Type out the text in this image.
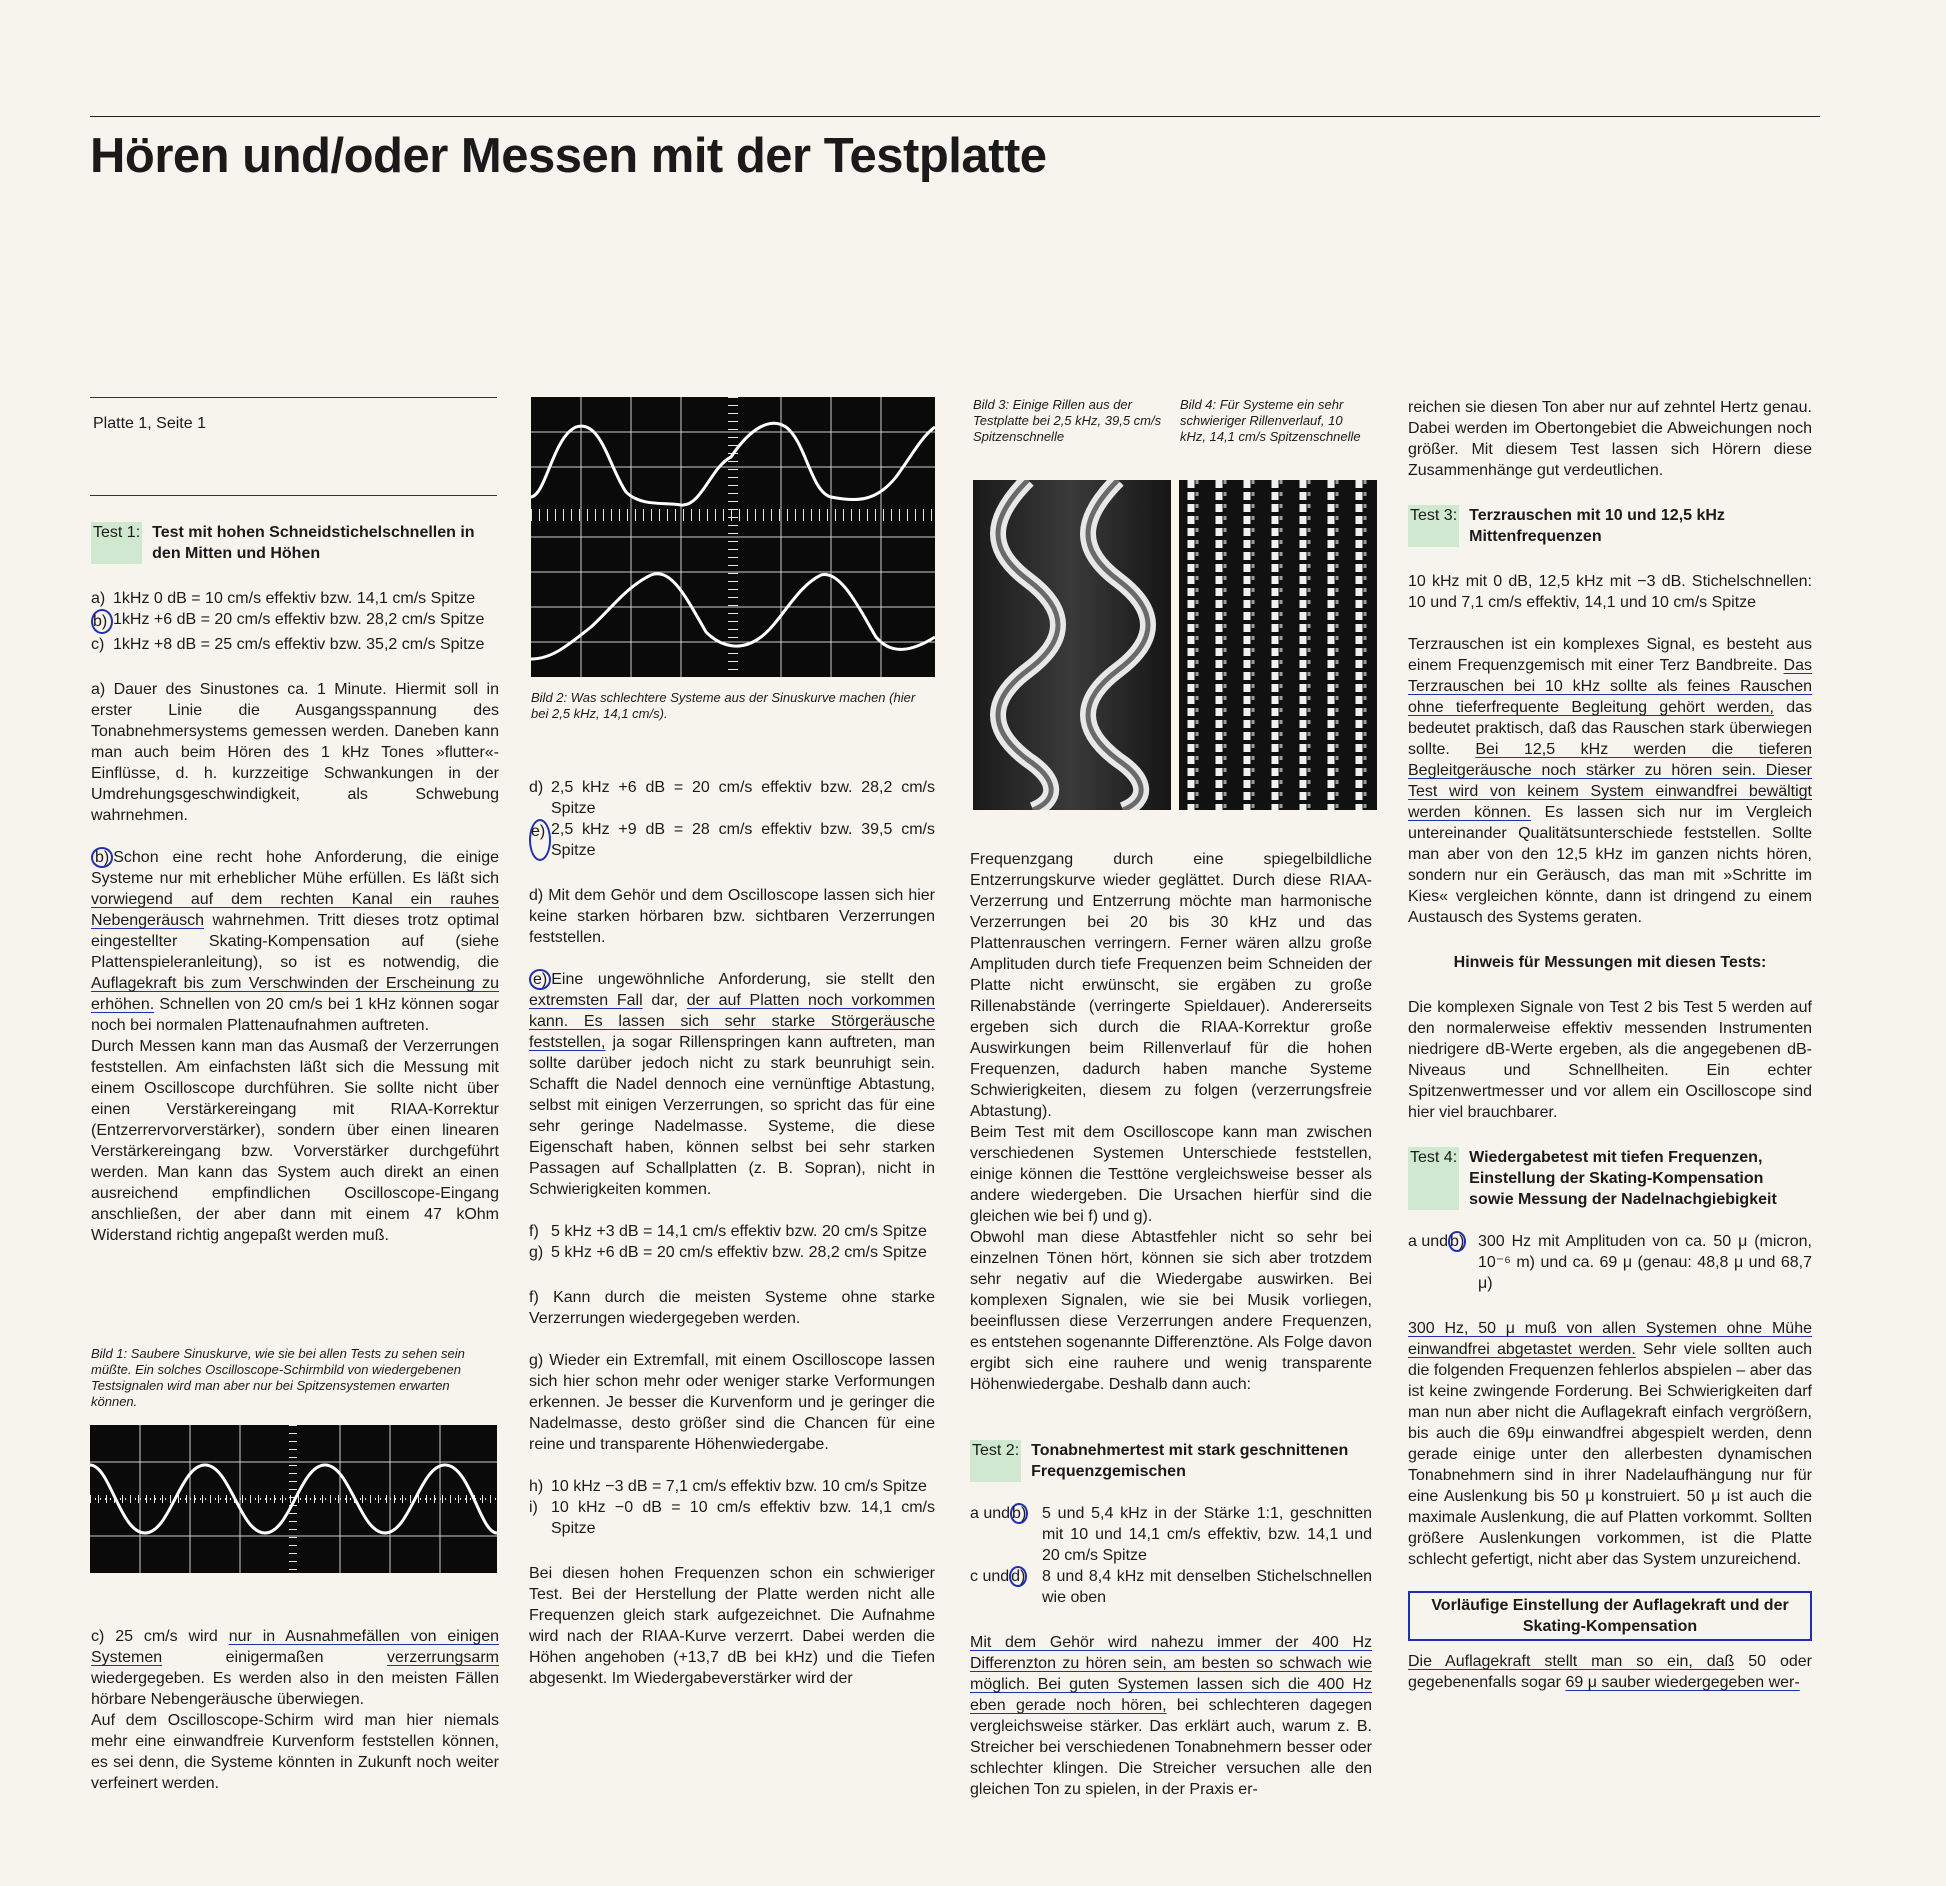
Hören und/oder Messen mit der Testplatte
Platte 1, Seite 1
Test 1: Test mit hohen Schneidstichelschnellen in den Mitten und Höhen
a) 1kHz 0 dB = 10 cm/s effektiv bzw. 14,1 cm/s Spitze
b) 1kHz +6 dB = 20 cm/s effektiv bzw. 28,2 cm/s Spitze
c) 1kHz +8 dB = 25 cm/s effektiv bzw. 35,2 cm/s Spitze

a) Dauer des Sinustones ca. 1 Minute. Hiermit soll in erster Linie die Ausgangsspannung des Tonabnehmersystems gemessen werden. Daneben kann man auch beim Hören des 1 kHz Tones »flutter«-Einflüsse, d. h. kurzzeitige Schwankungen in der Umdrehungsgeschwindigkeit, als Schwebung wahrnehmen.

b) Schon eine recht hohe Anforderung, die einige Systeme nur mit erheblicher Mühe erfüllen. Es läßt sich vorwiegend auf dem rechten Kanal ein rauhes Nebengeräusch wahrnehmen. Tritt dieses trotz optimal eingestellter Skating-Kompensation auf (siehe Plattenspieleranleitung), so ist es notwendig, die Auflagekraft bis zum Verschwinden der Erscheinung zu erhöhen. Schnellen von 20 cm/s bei 1 kHz können sogar noch bei normalen Plattenaufnahmen auftreten.

Durch Messen kann man das Ausmaß der Verzerrungen feststellen. Am einfachsten läßt sich die Messung mit einem Oscilloscope durchführen. Sie sollte nicht über einen Verstärkereingang mit RIAA-Korrektur (Entzerrervorverstärker), sondern über einen linearen Verstärkereingang bzw. Vorverstärker durchgeführt werden. Man kann das System auch direkt an einen ausreichend empfindlichen Oscilloscope-Eingang anschließen, der aber dann mit einem 47 kOhm Widerstand richtig angepaßt werden muß.

Bild 1: Saubere Sinuskurve, wie sie bei allen Tests zu sehen sein müßte. Ein solches Oscilloscope-Schirmbild von wiedergebenen Testsignalen wird man aber nur bei Spitzensystemen erwarten können.

c) 25 cm/s wird nur in Ausnahmefällen von einigen Systemen einigermaßen verzerrungsarm wiedergegeben. Es werden also in den meisten Fällen hörbare Nebengeräusche überwiegen.

Auf dem Oscilloscope-Schirm wird man hier niemals mehr eine einwandfreie Kurvenform feststellen können, es sei denn, die Systeme könnten in Zukunft noch weiter verfeinert werden.

Bild 2: Was schlechtere Systeme aus der Sinuskurve machen (hier bei 2,5 kHz, 14,1 cm/s).
d) 2,5 kHz +6 dB = 20 cm/s effektiv bzw. 28,2 cm/s Spitze
e) 2,5 kHz +9 dB = 28 cm/s effektiv bzw. 39,5 cm/s Spitze

d) Mit dem Gehör und dem Oscilloscope lassen sich hier keine starken hörbaren bzw. sichtbaren Verzerrungen feststellen.

e) Eine ungewöhnliche Anforderung, sie stellt den extremsten Fall dar, der auf Platten noch vorkommen kann. Es lassen sich sehr starke Störgeräusche feststellen, ja sogar Rillenspringen kann auftreten, man sollte darüber jedoch nicht zu stark beunruhigt sein. Schafft die Nadel dennoch eine vernünftige Abtastung, selbst mit einigen Verzerrungen, so spricht das für eine sehr geringe Nadelmasse. Systeme, die diese Eigenschaft haben, können selbst bei sehr starken Passagen auf Schallplatten (z. B. Sopran), nicht in Schwierigkeiten kommen.

f) 5 kHz +3 dB = 14,1 cm/s effektiv bzw. 20 cm/s Spitze
g) 5 kHz +6 dB = 20 cm/s effektiv bzw. 28,2 cm/s Spitze

f) Kann durch die meisten Systeme ohne starke Verzerrungen wiedergegeben werden.

g) Wieder ein Extremfall, mit einem Oscilloscope lassen sich hier schon mehr oder weniger starke Verformungen erkennen. Je besser die Kurvenform und je geringer die Nadelmasse, desto größer sind die Chancen für eine reine und transparente Höhenwiedergabe.

h) 10 kHz −3 dB = 7,1 cm/s effektiv bzw. 10 cm/s Spitze
i) 10 kHz −0 dB = 10 cm/s effektiv bzw. 14,1 cm/s Spitze

Bei diesen hohen Frequenzen schon ein schwieriger Test. Bei der Herstellung der Platte werden nicht alle Frequenzen gleich stark aufgezeichnet. Die Aufnahme wird nach der RIAA-Kurve verzerrt. Dabei werden die Höhen angehoben (+13,7 dB bei kHz) und die Tiefen abgesenkt. Im Wiedergabeverstärker wird der

Bild 3: Einige Rillen aus der Testplatte bei 2,5 kHz, 39,5 cm/s Spitzenschnelle
Bild 4: Für Systeme ein sehr schwieriger Rillenverlauf, 10 kHz, 14,1 cm/s Spitzenschnelle

Frequenzgang durch eine spiegelbildliche Entzerrungskurve wieder geglättet. Durch diese RIAA-Verzerrung und Entzerrung möchte man harmonische Verzerrungen bei 20 bis 30 kHz und das Plattenrauschen verringern. Ferner wären allzu große Amplituden durch tiefe Frequenzen beim Schneiden der Platte nicht erwünscht, sie ergäben zu große Rillenabstände (verringerte Spieldauer). Andererseits ergeben sich durch die RIAA-Korrektur große Auswirkungen beim Rillenverlauf für die hohen Frequenzen, dadurch haben manche Systeme Schwierigkeiten, diesem zu folgen (verzerrungsfreie Abtastung).

Beim Test mit dem Oscilloscope kann man zwischen verschiedenen Systemen Unterschiede feststellen, einige können die Testtöne vergleichsweise besser als andere wiedergeben. Die Ursachen hierfür sind die gleichen wie bei f) und g).

Obwohl man diese Abtastfehler nicht so sehr bei einzelnen Tönen hört, können sie sich aber trotzdem sehr negativ auf die Wiedergabe auswirken. Bei komplexen Signalen, wie sie bei Musik vorliegen, beeinflussen diese Verzerrungen andere Frequenzen, es entstehen sogenannte Differenztöne. Als Folge davon ergibt sich eine rauhere und wenig transparente Höhenwiedergabe. Deshalb dann auch:

Test 2: Tonabnehmertest mit stark geschnittenen Frequenzgemischen
a und b) 5 und 5,4 kHz in der Stärke 1:1, geschnitten mit 10 und 14,1 cm/s effektiv, bzw. 14,1 und 20 cm/s Spitze
c und d)	8 und 8,4 kHz mit denselben Stichelschnellen wie oben

Mit dem Gehör wird nahezu immer der 400 Hz Differenzton zu hören sein, am besten so schwach wie möglich. Bei guten Systemen lassen sich die 400 Hz eben gerade noch hören, bei schlechteren dagegen vergleichsweise stärker. Das erklärt auch, warum z. B. Streicher bei verschiedenen Tonabnehmern besser oder schlechter klingen. Die Streicher versuchen alle den gleichen Ton zu spielen, in der Praxis er-

reichen sie diesen Ton aber nur auf zehntel Hertz genau. Dabei werden im Obertongebiet die Abweichungen noch größer. Mit diesem Test lassen sich Hörern diese Zusammenhänge gut verdeutlichen.

Test 3: Terzrauschen mit 10 und 12,5 kHz Mittenfrequenzen

10 kHz mit 0 dB, 12,5 kHz mit −3 dB. Stichelschnellen: 10 und 7,1 cm/s effektiv, 14,1 und 10 cm/s Spitze

Terzrauschen ist ein komplexes Signal, es besteht aus einem Frequenzgemisch mit einer Terz Bandbreite. Das Terzrauschen bei 10 kHz sollte als feines Rauschen ohne tieferfrequente Begleitung gehört werden, das bedeutet praktisch, daß das Rauschen stark überwiegen sollte. Bei 12,5 kHz werden die tieferen Begleitgeräusche noch stärker zu hören sein. Dieser Test wird von keinem System einwandfrei bewältigt werden können. Es lassen sich nur im Vergleich untereinander Qualitätsunterschiede feststellen. Sollte man aber von den 12,5 kHz im ganzen nichts hören, sondern nur ein Geräusch, das man mit »Schritte im Kies« vergleichen könnte, dann ist dringend zu einem Austausch des Systems geraten.

Hinweis für Messungen mit diesen Tests:

Die komplexen Signale von Test 2 bis Test 5 werden auf den normalerweise effektiv messenden Instrumenten niedrigere dB-Werte ergeben, als die angegebenen dB-Niveaus und Schnellheiten. Ein echter Spitzenwertmesser und vor allem ein Oscilloscope sind hier viel brauchbarer.

Test 4: Wiedergabetest mit tiefen Frequenzen, Einstellung der Skating-Kompensation sowie Messung der Nadelnachgiebigkeit
a und b) 300 Hz mit Amplituden von ca. 50 μ (micron, 10⁻⁶ m) und ca. 69 μ (genau: 48,8 μ und 68,7 μ)

300 Hz, 50 μ muß von allen Systemen ohne Mühe einwandfrei abgetastet werden. Sehr viele sollten auch die folgenden Frequenzen fehlerlos abspielen – aber das ist keine zwingende Forderung. Bei Schwierigkeiten darf man nun aber nicht die Auflagekraft einfach vergrößern, bis auch die 69μ einwandfrei abgespielt werden, denn gerade einige unter den allerbesten dynamischen Tonabnehmern sind in ihrer Nadelaufhängung nur für eine Auslenkung bis 50 μ konstruiert. 50 μ ist auch die maximale Auslenkung, die auf Platten vorkommt. Sollten größere Auslenkungen vorkommen, ist die Platte schlecht gefertigt, nicht aber das System unzureichend.

Vorläufige Einstellung der Auflagekraft und der Skating-Kompensation

Die Auflagekraft stellt man so ein, daß 50 oder gegebenenfalls sogar 69 μ sauber wiedergegeben wer-
